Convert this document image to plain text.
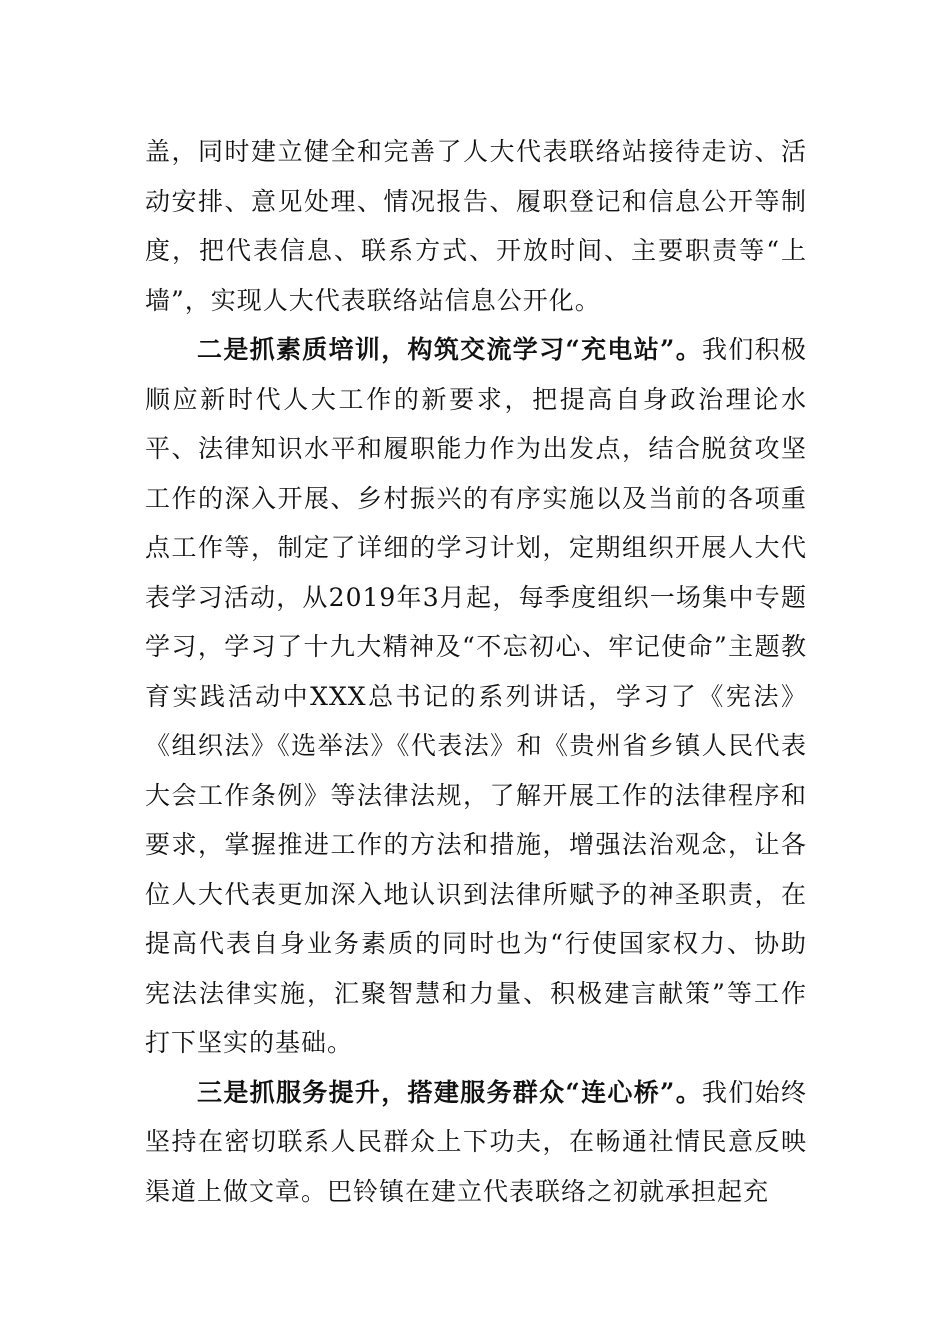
盖，同时建立健全和完善了人大代表联络站接待走访、活动安排、意见处理、情况报告、履职登记和信息公开等制度，把代表信息、联系方式、开放时间、主要职责等“上墙”，实现人大代表联络站信息公开化。

二是抓素质培训，构筑交流学习“充电站”。我们积极顺应新时代人大工作的新要求，把提高自身政治理论水平、法律知识水平和履职能力作为出发点，结合脱贫攻坚工作的深入开展、乡村振兴的有序实施以及当前的各项重点工作等，制定了详细的学习计划，定期组织开展人大代表学习活动，从2019年3月起，每季度组织一场集中专题学习，学习了十九大精神及“不忘初心、牢记使命”主题教育实践活动中XXX总书记的系列讲话，学习了《宪法》《组织法》《选举法》《代表法》和《贵州省乡镇人民代表大会工作条例》等法律法规，了解开展工作的法律程序和要求，掌握推进工作的方法和措施，增强法治观念，让各位人大代表更加深入地认识到法律所赋予的神圣职责，在提高代表自身业务素质的同时也为“行使国家权力、协助宪法法律实施，汇聚智慧和力量、积极建言献策”等工作打下坚实的基础。

三是抓服务提升，搭建服务群众“连心桥”。我们始终坚持在密切联系人民群众上下功夫，在畅通社情民意反映渠道上做文章。巴铃镇在建立代表联络之初就承担起充
